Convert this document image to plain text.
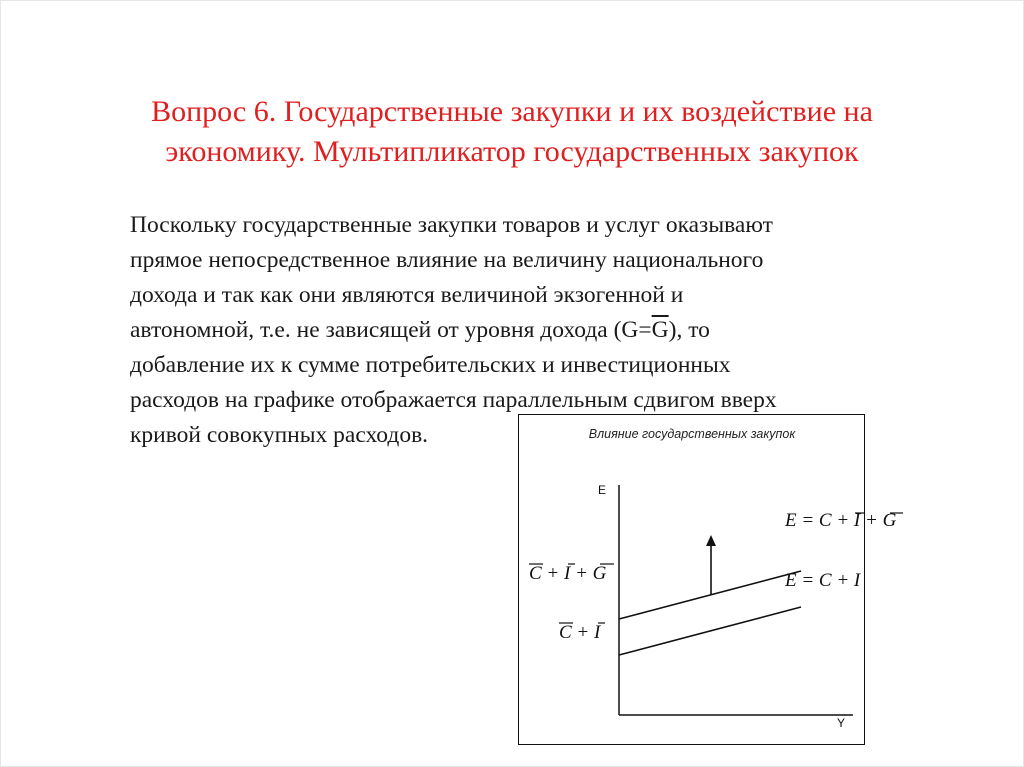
Вопрос 6. Государственные закупки и их воздействие на
экономику. Мультипликатор государственных закупок
Поскольку государственные закупки товаров и услуг оказывают
прямое непосредственное влияние на величину национального
дохода и так как они являются величиной экзогенной и
автономной, т.е. не зависящей от уровня дохода $(G=\overline{G})$, то
добавление их к сумме потребительских и инвестиционных
расходов на графике отображается параллельным сдвигом вверх
кривой совокупных расходов.	Влияние государственных закупок
E
Y
E = C + I + G
E = C + I
C + I + G
C + I
